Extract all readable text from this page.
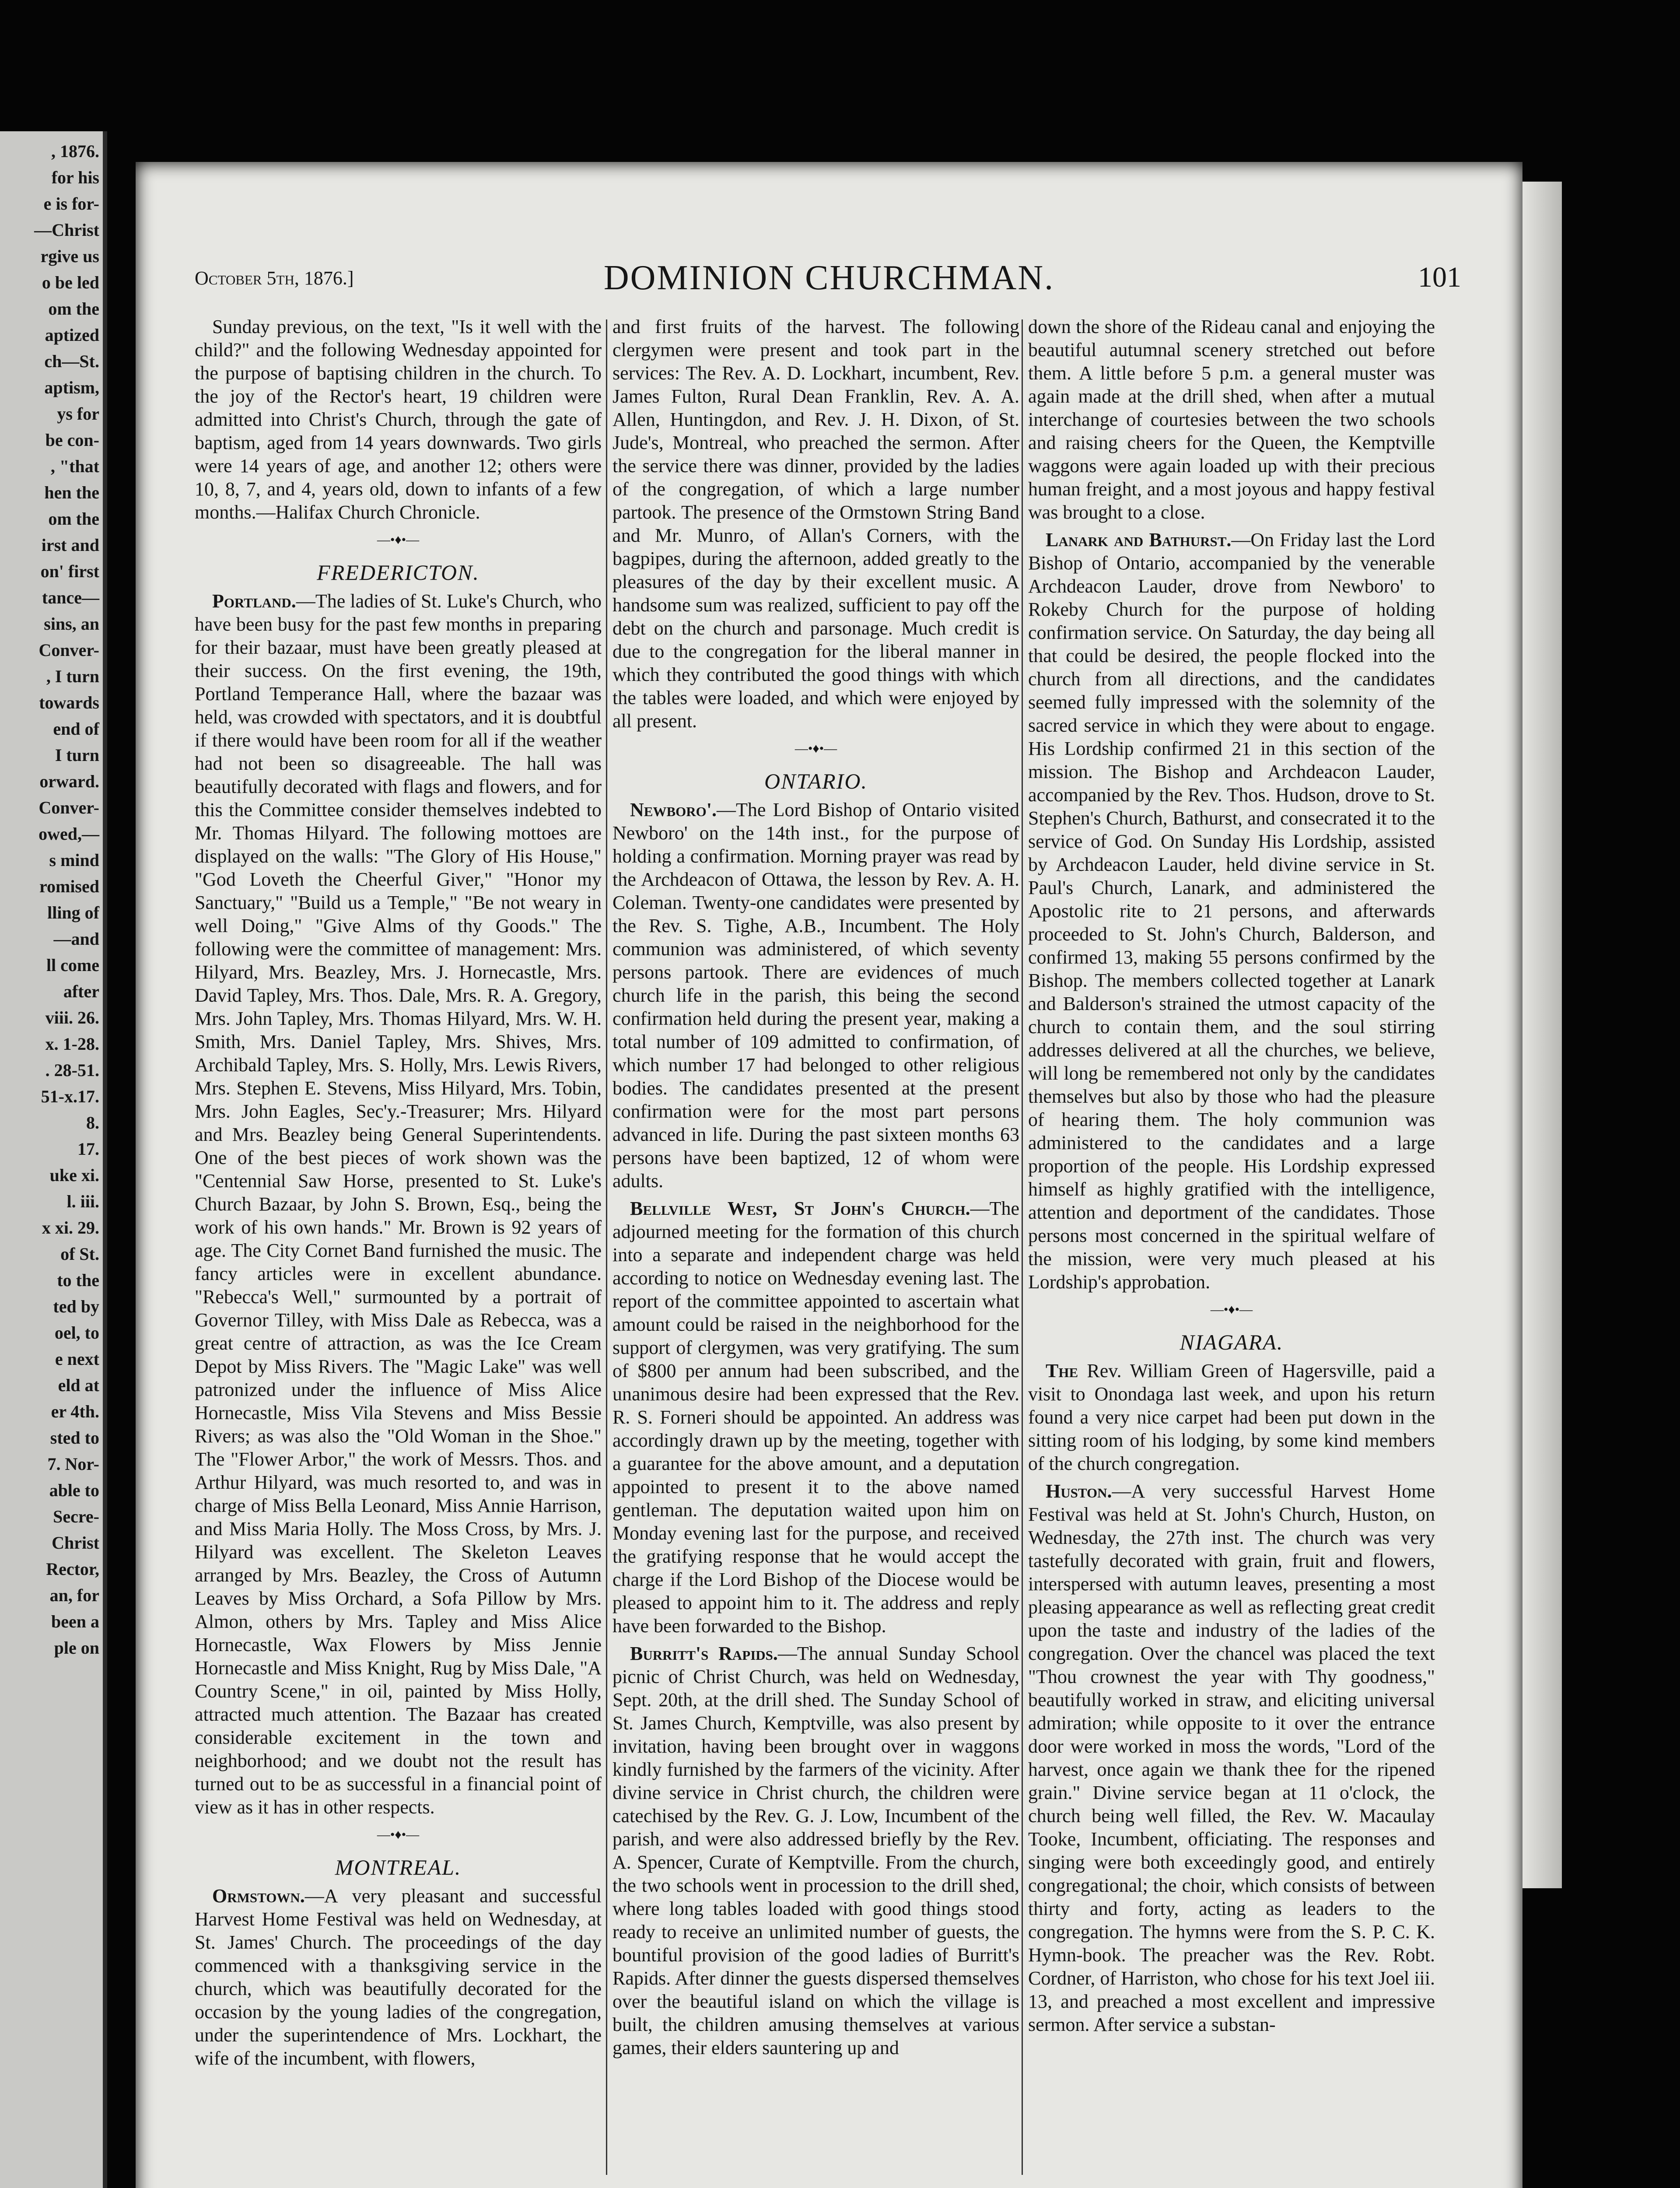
, 1876.
for his
e is for-
—Christ
rgive us
o be led
om the
aptized
ch—St.
aptism,
ys for
be con-
, "that
hen the
om the
irst and
on' first
tance—
sins, an
Conver-
, I turn
towards
end of
I turn
orward.
Conver-
owed,—
s mind
romised
lling of
—and
ll come
after
viii. 26.
x. 1-28.
. 28-51.
51-x.17.
8.
17.
uke xi.
l. iii.
x xi. 29.
of St.
to the
ted by
oel, to
e next
eld at
er 4th.
sted to
7. Nor-
able to
Secre-
Christ
Rector,
an, for
been a
ple on
October 5th, 1876.]	DOMINION CHURCHMAN.	101

Sunday previous, on the text, "Is it well with the child?" and the following Wednesday appointed for the purpose of baptising children in the church. To the joy of the Rector's heart, 19 children were admitted into Christ's Church, through the gate of baptism, aged from 14 years downwards. Two girls were 14 years of age, and another 12; others were 10, 8, 7, and 4, years old, down to infants of a few months.—Halifax Church Chronicle.

—•♦•—
FREDERICTON.

Portland.—The ladies of St. Luke's Church, who have been busy for the past few months in preparing for their bazaar, must have been greatly pleased at their success. On the first evening, the 19th, Portland Temperance Hall, where the bazaar was held, was crowded with spectators, and it is doubtful if there would have been room for all if the weather had not been so disagreeable. The hall was beautifully decorated with flags and flowers, and for this the Committee consider themselves indebted to Mr. Thomas Hilyard. The following mottoes are displayed on the walls: "The Glory of His House," "God Loveth the Cheerful Giver," "Honor my Sanctuary," "Build us a Temple," "Be not weary in well Doing," "Give Alms of thy Goods." The following were the committee of management: Mrs. Hilyard, Mrs. Beazley, Mrs. J. Hornecastle, Mrs. David Tapley, Mrs. Thos. Dale, Mrs. R. A. Gregory, Mrs. John Tapley, Mrs. Thomas Hilyard, Mrs. W. H. Smith, Mrs. Daniel Tapley, Mrs. Shives, Mrs. Archibald Tapley, Mrs. S. Holly, Mrs. Lewis Rivers, Mrs. Stephen E. Stevens, Miss Hilyard, Mrs. Tobin, Mrs. John Eagles, Sec'y.-Treasurer; Mrs. Hilyard and Mrs. Beazley being General Superintendents. One of the best pieces of work shown was the "Centennial Saw Horse, presented to St. Luke's Church Bazaar, by John S. Brown, Esq., being the work of his own hands." Mr. Brown is 92 years of age. The City Cornet Band furnished the music. The fancy articles were in excellent abundance. "Rebecca's Well," surmounted by a portrait of Governor Tilley, with Miss Dale as Rebecca, was a great centre of attraction, as was the Ice Cream Depot by Miss Rivers. The "Magic Lake" was well patronized under the influence of Miss Alice Hornecastle, Miss Vila Stevens and Miss Bessie Rivers; as was also the "Old Woman in the Shoe." The "Flower Arbor," the work of Messrs. Thos. and Arthur Hilyard, was much resorted to, and was in charge of Miss Bella Leonard, Miss Annie Harrison, and Miss Maria Holly. The Moss Cross, by Mrs. J. Hilyard was excellent. The Skeleton Leaves arranged by Mrs. Beazley, the Cross of Autumn Leaves by Miss Orchard, a Sofa Pillow by Mrs. Almon, others by Mrs. Tapley and Miss Alice Hornecastle, Wax Flowers by Miss Jennie Hornecastle and Miss Knight, Rug by Miss Dale, "A Country Scene," in oil, painted by Miss Holly, attracted much attention. The Bazaar has created considerable excitement in the town and neighborhood; and we doubt not the result has turned out to be as successful in a financial point of view as it has in other respects.

—•♦•—
MONTREAL.

Ormstown.—A very pleasant and successful Harvest Home Festival was held on Wednesday, at St. James' Church. The proceedings of the day commenced with a thanksgiving service in the church, which was beautifully decorated for the occasion by the young ladies of the congregation, under the superintendence of Mrs. Lockhart, the wife of the incumbent, with flowers,

and first fruits of the harvest. The following clergymen were present and took part in the services: The Rev. A. D. Lockhart, incumbent, Rev. James Fulton, Rural Dean Franklin, Rev. A. A. Allen, Huntingdon, and Rev. J. H. Dixon, of St. Jude's, Montreal, who preached the sermon. After the service there was dinner, provided by the ladies of the congregation, of which a large number partook. The presence of the Ormstown String Band and Mr. Munro, of Allan's Corners, with the bagpipes, during the afternoon, added greatly to the pleasures of the day by their excellent music. A handsome sum was realized, sufficient to pay off the debt on the church and parsonage. Much credit is due to the congregation for the liberal manner in which they contributed the good things with which the tables were loaded, and which were enjoyed by all present.

—•♦•—
ONTARIO.

Newboro'.—The Lord Bishop of Ontario visited Newboro' on the 14th inst., for the purpose of holding a confirmation. Morning prayer was read by the Archdeacon of Ottawa, the lesson by Rev. A. H. Coleman. Twenty-one candidates were presented by the Rev. S. Tighe, A.B., Incumbent. The Holy communion was administered, of which seventy persons partook. There are evidences of much church life in the parish, this being the second confirmation held during the present year, making a total number of 109 admitted to confirmation, of which number 17 had belonged to other religious bodies. The candidates presented at the present confirmation were for the most part persons advanced in life. During the past sixteen months 63 persons have been baptized, 12 of whom were adults.

Bellville West, St John's Church.—The adjourned meeting for the formation of this church into a separate and independent charge was held according to notice on Wednesday evening last. The report of the committee appointed to ascertain what amount could be raised in the neighborhood for the support of clergymen, was very gratifying. The sum of $800 per annum had been subscribed, and the unanimous desire had been expressed that the Rev. R. S. Forneri should be appointed. An address was accordingly drawn up by the meeting, together with a guarantee for the above amount, and a deputation appointed to present it to the above named gentleman. The deputation waited upon him on Monday evening last for the purpose, and received the gratifying response that he would accept the charge if the Lord Bishop of the Diocese would be pleased to appoint him to it. The address and reply have been forwarded to the Bishop.

Burritt's Rapids.—The annual Sunday School picnic of Christ Church, was held on Wednesday, Sept. 20th, at the drill shed. The Sunday School of St. James Church, Kemptville, was also present by invitation, having been brought over in waggons kindly furnished by the farmers of the vicinity. After divine service in Christ church, the children were catechised by the Rev. G. J. Low, Incumbent of the parish, and were also addressed briefly by the Rev. A. Spencer, Curate of Kemptville. From the church, the two schools went in procession to the drill shed, where long tables loaded with good things stood ready to receive an unlimited number of guests, the bountiful provision of the good ladies of Burritt's Rapids. After dinner the guests dispersed themselves over the beautiful island on which the village is built, the children amusing themselves at various games, their elders sauntering up and

down the shore of the Rideau canal and enjoying the beautiful autumnal scenery stretched out before them. A little before 5 p.m. a general muster was again made at the drill shed, when after a mutual interchange of courtesies between the two schools and raising cheers for the Queen, the Kemptville waggons were again loaded up with their precious human freight, and a most joyous and happy festival was brought to a close.

Lanark and Bathurst.—On Friday last the Lord Bishop of Ontario, accompanied by the venerable Archdeacon Lauder, drove from Newboro' to Rokeby Church for the purpose of holding confirmation service. On Saturday, the day being all that could be desired, the people flocked into the church from all directions, and the candidates seemed fully impressed with the solemnity of the sacred service in which they were about to engage. His Lordship confirmed 21 in this section of the mission. The Bishop and Archdeacon Lauder, accompanied by the Rev. Thos. Hudson, drove to St. Stephen's Church, Bathurst, and consecrated it to the service of God. On Sunday His Lordship, assisted by Archdeacon Lauder, held divine service in St. Paul's Church, Lanark, and administered the Apostolic rite to 21 persons, and afterwards proceeded to St. John's Church, Balderson, and confirmed 13, making 55 persons confirmed by the Bishop. The members collected together at Lanark and Balderson's strained the utmost capacity of the church to contain them, and the soul stirring addresses delivered at all the churches, we believe, will long be remembered not only by the candidates themselves but also by those who had the pleasure of hearing them. The holy communion was administered to the candidates and a large proportion of the people. His Lordship expressed himself as highly gratified with the intelligence, attention and deportment of the candidates. Those persons most concerned in the spiritual welfare of the mission, were very much pleased at his Lordship's approbation.

—•♦•—
NIAGARA.

The Rev. William Green of Hagersville, paid a visit to Onondaga last week, and upon his return found a very nice carpet had been put down in the sitting room of his lodging, by some kind members of the church congregation.

Huston.—A very successful Harvest Home Festival was held at St. John's Church, Huston, on Wednesday, the 27th inst. The church was very tastefully decorated with grain, fruit and flowers, interspersed with autumn leaves, presenting a most pleasing appearance as well as reflecting great credit upon the taste and industry of the ladies of the congregation. Over the chancel was placed the text "Thou crownest the year with Thy goodness," beautifully worked in straw, and eliciting universal admiration; while opposite to it over the entrance door were worked in moss the words, "Lord of the harvest, once again we thank thee for the ripened grain." Divine service began at 11 o'clock, the church being well filled, the Rev. W. Macaulay Tooke, Incumbent, officiating. The responses and singing were both exceedingly good, and entirely congregational; the choir, which consists of between thirty and forty, acting as leaders to the congregation. The hymns were from the S. P. C. K. Hymn-book. The preacher was the Rev. Robt. Cordner, of Harriston, who chose for his text Joel iii. 13, and preached a most excellent and impressive sermon. After service a substan-
